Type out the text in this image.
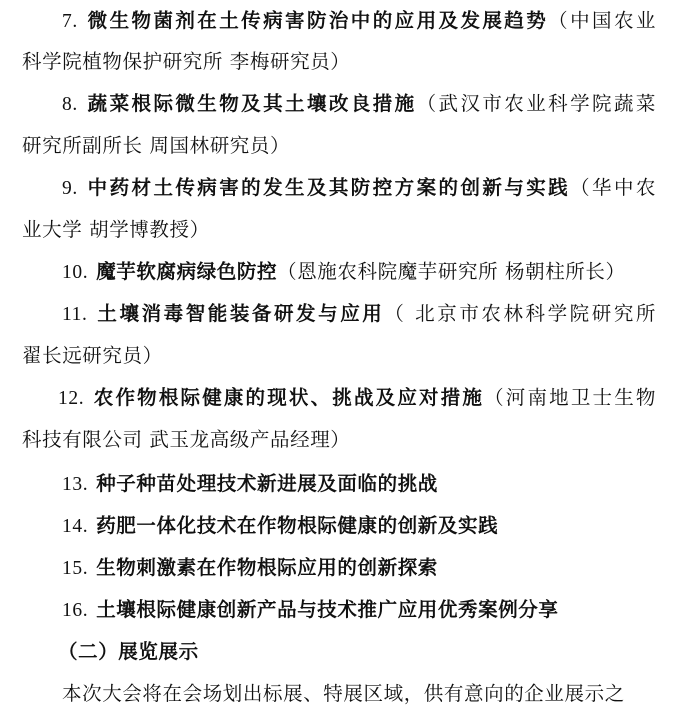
7. 微生物菌剂在土传病害防治中的应用及发展趋势（中国农业
科学院植物保护研究所 李梅研究员）
8. 蔬菜根际微生物及其土壤改良措施（武汉市农业科学院蔬菜
研究所副所长 周国林研究员）
9. 中药材土传病害的发生及其防控方案的创新与实践（华中农
业大学 胡学博教授）
10. 魔芋软腐病绿色防控（恩施农科院魔芋研究所 杨朝柱所长）
11. 土壤消毒智能装备研发与应用（ 北京市农林科学院研究所
翟长远研究员）
12. 农作物根际健康的现状、挑战及应对措施（河南地卫士生物
科技有限公司 武玉龙高级产品经理）
13. 种子种苗处理技术新进展及面临的挑战
14. 药肥一体化技术在作物根际健康的创新及实践
15. 生物刺激素在作物根际应用的创新探索
16. 土壤根际健康创新产品与技术推广应用优秀案例分享
（二）展览展示
本次大会将在会场划出标展、特展区域，供有意向的企业展示之
